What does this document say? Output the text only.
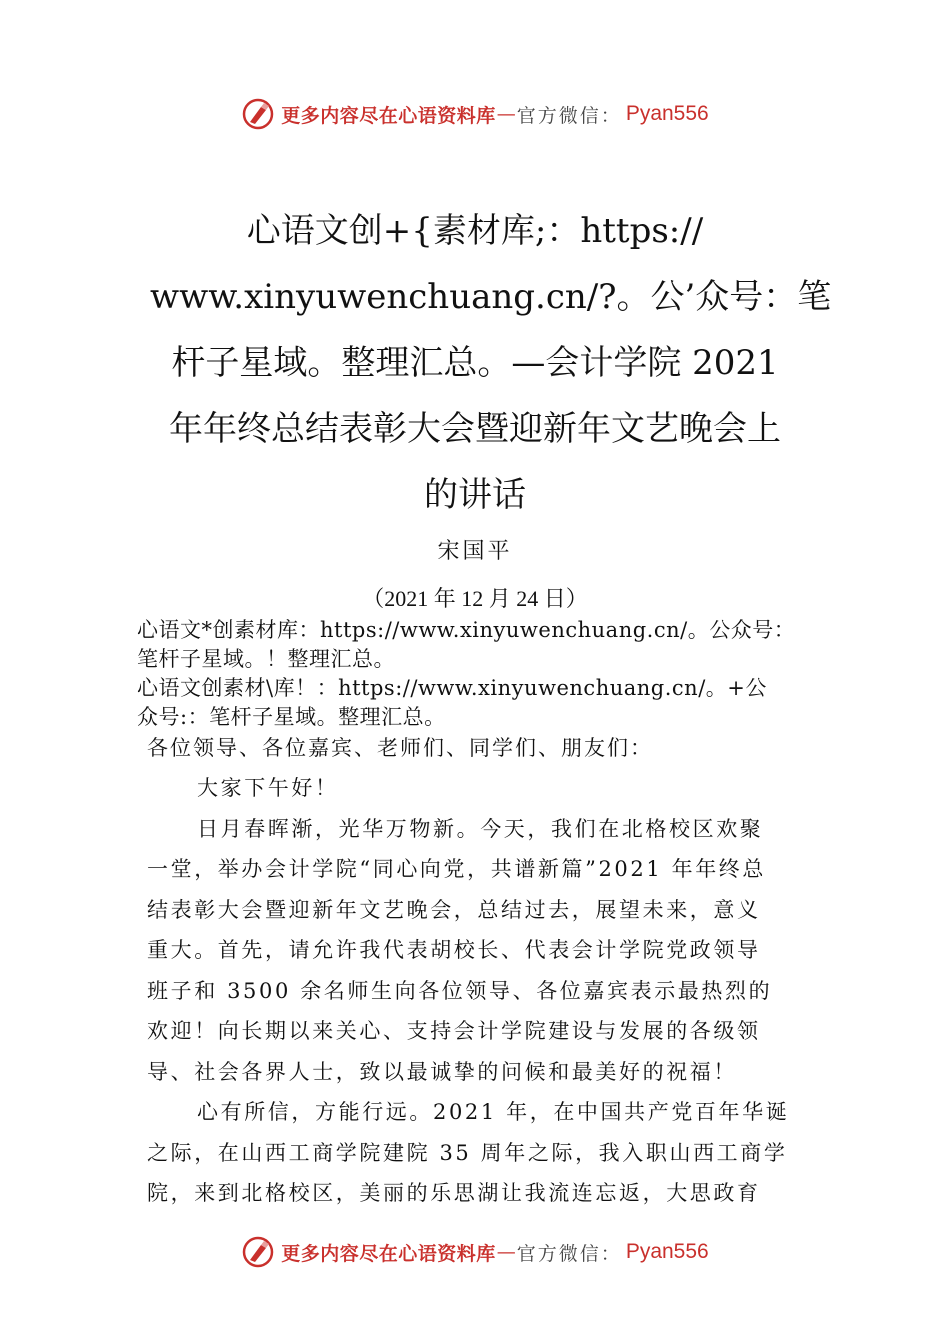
更多内容尽在心语资料库 — 官方微信： Pyan556
心语文创+{素材库;：https://
www.xinyuwenchuang.cn/?。公’众号：笔
杆子星域。整理汇总。—会计学院 2021
年年终总结表彰大会暨迎新年文艺晚会上
的讲话
宋国平
（2021 年 12 月 24 日）
心语文*创素材库：https://www.xinyuwenchuang.cn/。公众号：
笔杆子星域。！整理汇总。
心语文创素材\库！：https://www.xinyuwenchuang.cn/。+公
众号:：笔杆子星域。整理汇总。
各位领导、各位嘉宾、老师们、同学们、朋友们：
大家下午好！
日月春晖渐，光华万物新。今天，我们在北格校区欢聚
一堂，举办会计学院“同心向党，共谱新篇”2021 年年终总
结表彰大会暨迎新年文艺晚会，总结过去，展望未来，意义
重大。首先，请允许我代表胡校长、代表会计学院党政领导
班子和 3500 余名师生向各位领导、各位嘉宾表示最热烈的
欢迎！向长期以来关心、支持会计学院建设与发展的各级领
导、社会各界人士，致以最诚挚的问候和最美好的祝福！
心有所信，方能行远。2021 年，在中国共产党百年华诞
之际，在山西工商学院建院 35 周年之际，我入职山西工商学
院，来到北格校区，美丽的乐思湖让我流连忘返，大思政育
更多内容尽在心语资料库 — 官方微信： Pyan556
